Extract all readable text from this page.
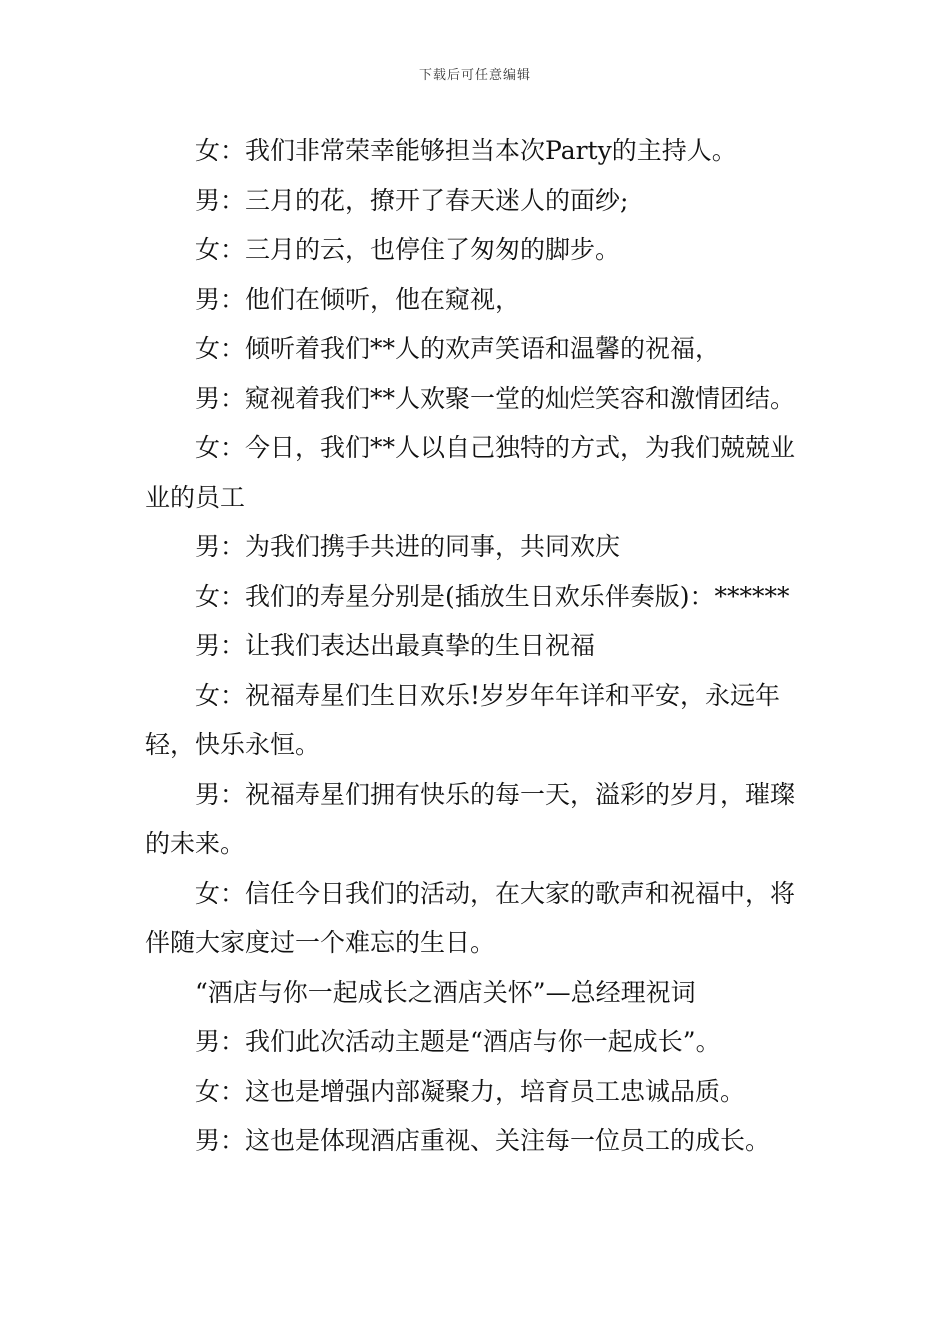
下载后可任意编辑

女：我们非常荣幸能够担当本次Party的主持人。

男：三月的花，撩开了春天迷人的面纱;

女：三月的云，也停住了匆匆的脚步。

男：他们在倾听，他在窥视，

女：倾听着我们**人的欢声笑语和温馨的祝福，

男：窥视着我们**人欢聚一堂的灿烂笑容和激情团结。

女：今日，我们**人以自己独特的方式，为我们兢兢业业的员工

男：为我们携手共进的同事，共同欢庆

女：我们的寿星分别是(插放生日欢乐伴奏版)：******

男：让我们表达出最真挚的生日祝福

女：祝福寿星们生日欢乐!岁岁年年详和平安，永远年轻，快乐永恒。

男：祝福寿星们拥有快乐的每一天，溢彩的岁月，璀璨的未来。

女：信任今日我们的活动，在大家的歌声和祝福中，将伴随大家度过一个难忘的生日。

“酒店与你一起成长之酒店关怀”—总经理祝词

男：我们此次活动主题是“酒店与你一起成长”。

女：这也是增强内部凝聚力，培育员工忠诚品质。

男：这也是体现酒店重视、关注每一位员工的成长。
